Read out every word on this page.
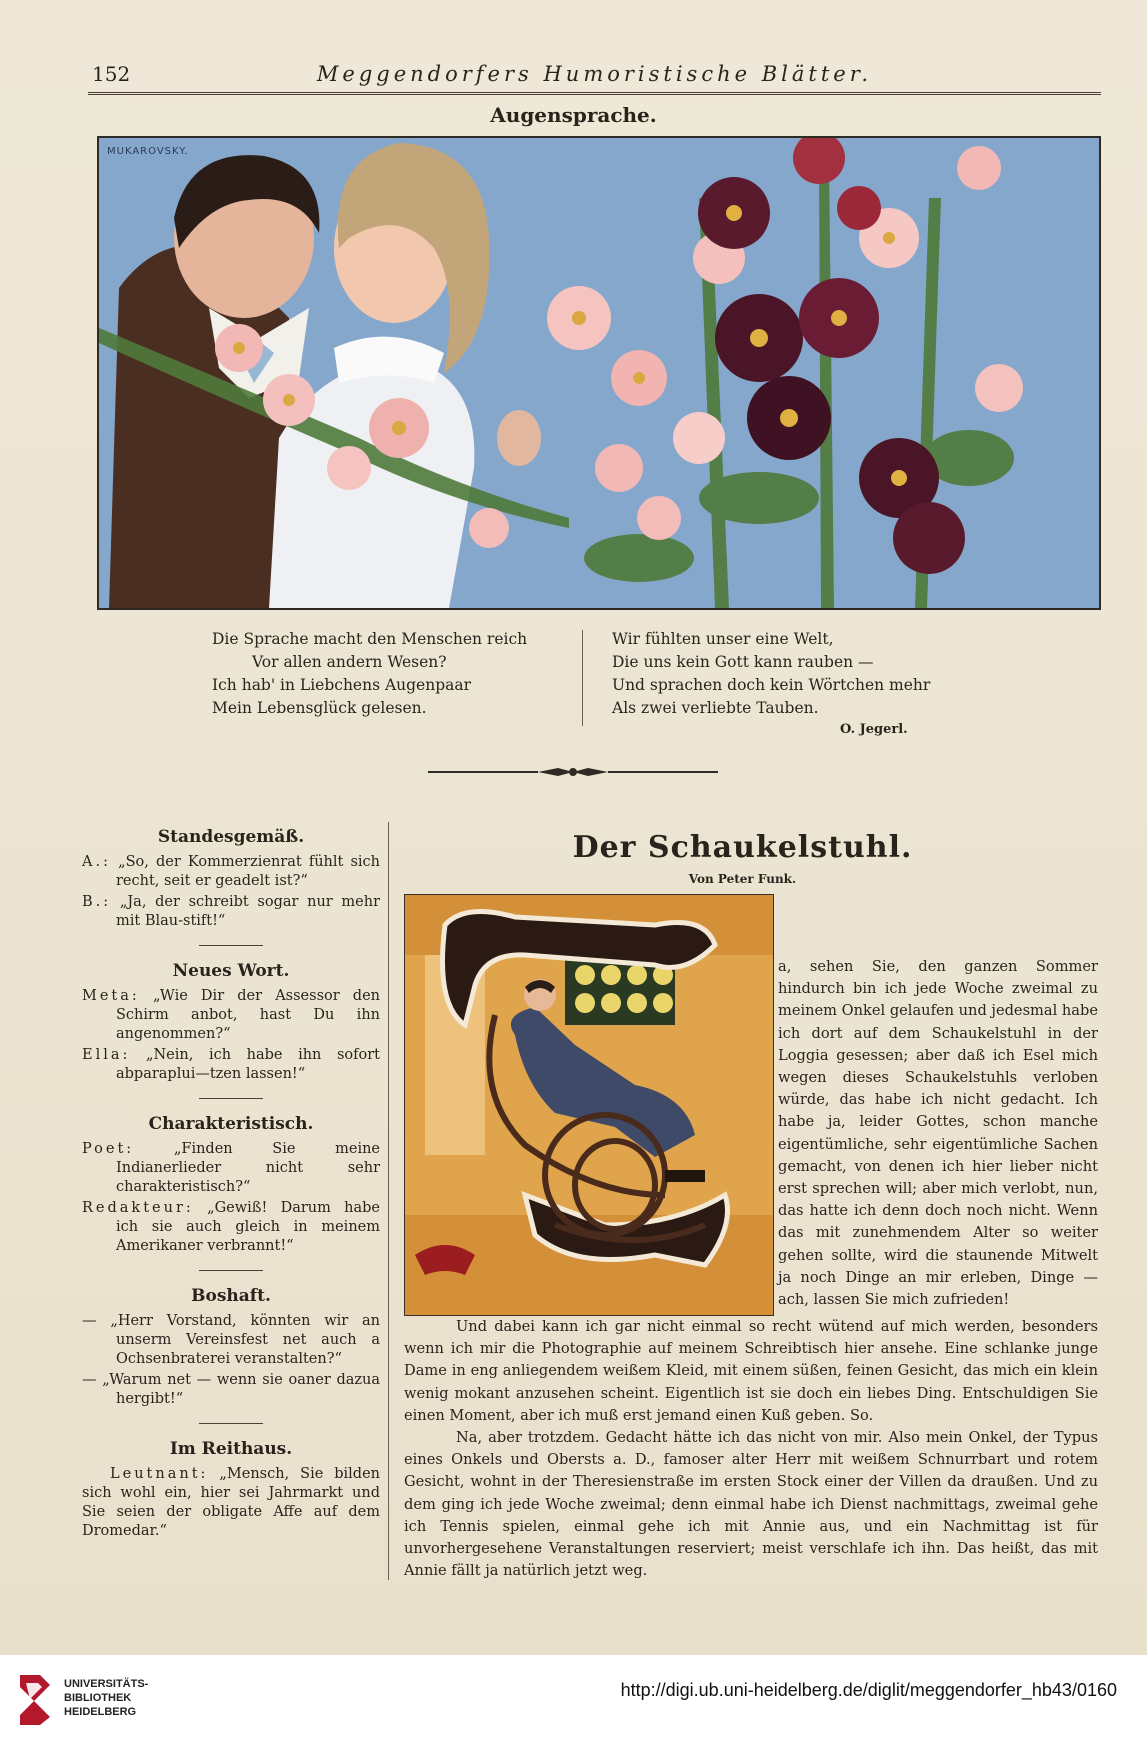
152	Meggendorfers Humoristische Blätter.
Augensprache.
MUKAROVSKY.
Die Sprache macht den Menschen reich
Vor allen andern Wesen?
Ich hab' in Liebchens Augenpaar
Mein Lebensglück gelesen.
Wir fühlten unser eine Welt,
Die uns kein Gott kann rauben —
Und sprachen doch kein Wörtchen mehr
Als zwei verliebte Tauben.
O. Jegerl.
Standesgemäß.
A.: „So, der Kommerzienrat fühlt sich recht, seit er geadelt ist?“
B.: „Ja, der schreibt sogar nur mehr mit Blau-stift!“
Neues Wort.
Meta: „Wie Dir der Assessor den Schirm anbot, hast Du ihn angenommen?“
Ella: „Nein, ich habe ihn sofort abparaplui—tzen lassen!“
Charakteristisch.
Poet:	„Finden Sie meine Indianerlieder nicht sehr charakteristisch?“
Redakteur: „Gewiß! Darum habe ich sie auch gleich in meinem Amerikaner verbrannt!“
Boshaft.
— „Herr Vorstand, könnten wir an unserm Vereinsfest net auch a Ochsenbraterei veranstalten?“
— „Warum net — wenn sie oaner dazua hergibt!“
Im Reithaus.
Leutnant: „Mensch, Sie bilden sich wohl ein, hier sei Jahrmarkt und Sie seien der obligate Affe auf dem Dromedar.“
Der Schaukelstuhl.
Von Peter Funk.
a, sehen Sie, den ganzen Sommer hindurch bin ich jede Woche zweimal zu meinem Onkel gelaufen und jedesmal habe ich dort auf dem Schaukelstuhl in der Loggia gesessen; aber daß ich Esel mich wegen dieses Schaukelstuhls verloben würde, das habe ich nicht gedacht. Ich habe ja, leider Gottes, schon manche eigentümliche, sehr eigentümliche Sachen gemacht, von denen ich hier lieber nicht erst sprechen will; aber mich verlobt, nun, das hatte ich denn doch noch nicht. Wenn das mit zunehmendem Alter so weiter gehen sollte, wird die staunende Mitwelt ja noch Dinge an mir erleben, Dinge — ach, lassen Sie mich zufrieden!

Und dabei kann ich gar nicht einmal so recht wütend auf mich werden, besonders wenn ich mir die Photographie auf meinem Schreibtisch hier ansehe. Eine schlanke junge Dame in eng anliegendem weißem Kleid, mit einem süßen, feinen Gesicht, das mich ein klein wenig mokant anzusehen scheint. Eigentlich ist sie doch ein liebes Ding. Entschuldigen Sie einen Moment, aber ich muß erst jemand einen Kuß geben. So.

Na, aber trotzdem. Gedacht hätte ich das nicht von mir. Also mein Onkel, der Typus eines Onkels und Obersts a. D., famoser alter Herr mit weißem Schnurrbart und rotem Gesicht, wohnt in der Theresienstraße im ersten Stock einer der Villen da draußen. Und zu dem ging ich jede Woche zweimal; denn einmal habe ich Dienst nachmittags, zweimal gehe ich Tennis spielen, einmal gehe ich mit Annie aus, und ein Nachmittag ist für unvorhergesehene Veranstaltungen reserviert; meist verschlafe ich ihn. Das heißt, das mit Annie fällt ja natürlich jetzt weg.

UNIVERSITÄTS-
BIBLIOTHEK
HEIDELBERG
http://digi.ub.uni-heidelberg.de/diglit/meggendorfer_hb43/0160
